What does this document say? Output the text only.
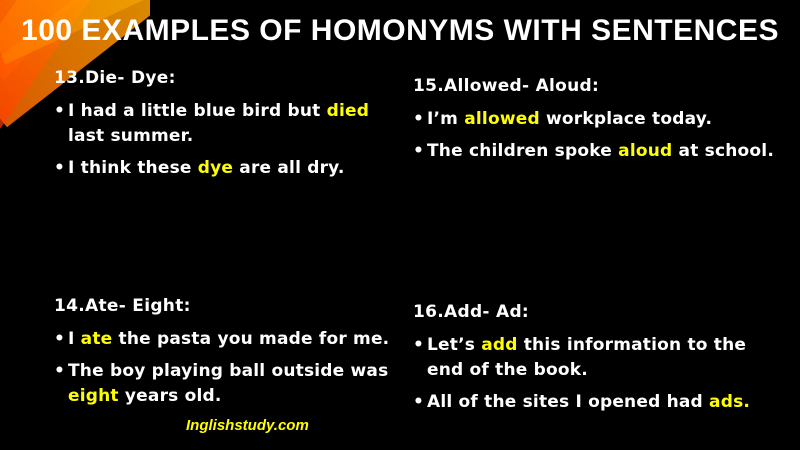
100 EXAMPLES OF HOMONYMS WITH SENTENCES
13.Die- Dye:
• I had a little blue bird but died last summer.
• I think these dye are all dry.
15.Allowed- Aloud:
• I’m allowed workplace today.
• The children spoke aloud at school.
14.Ate- Eight:
• I ate the pasta you made for me.
• The boy playing ball outside was eight years old.
16.Add- Ad:
• Let’s add this information to the end of the book.
• All of the sites I opened had ads.
Inglishstudy.com
